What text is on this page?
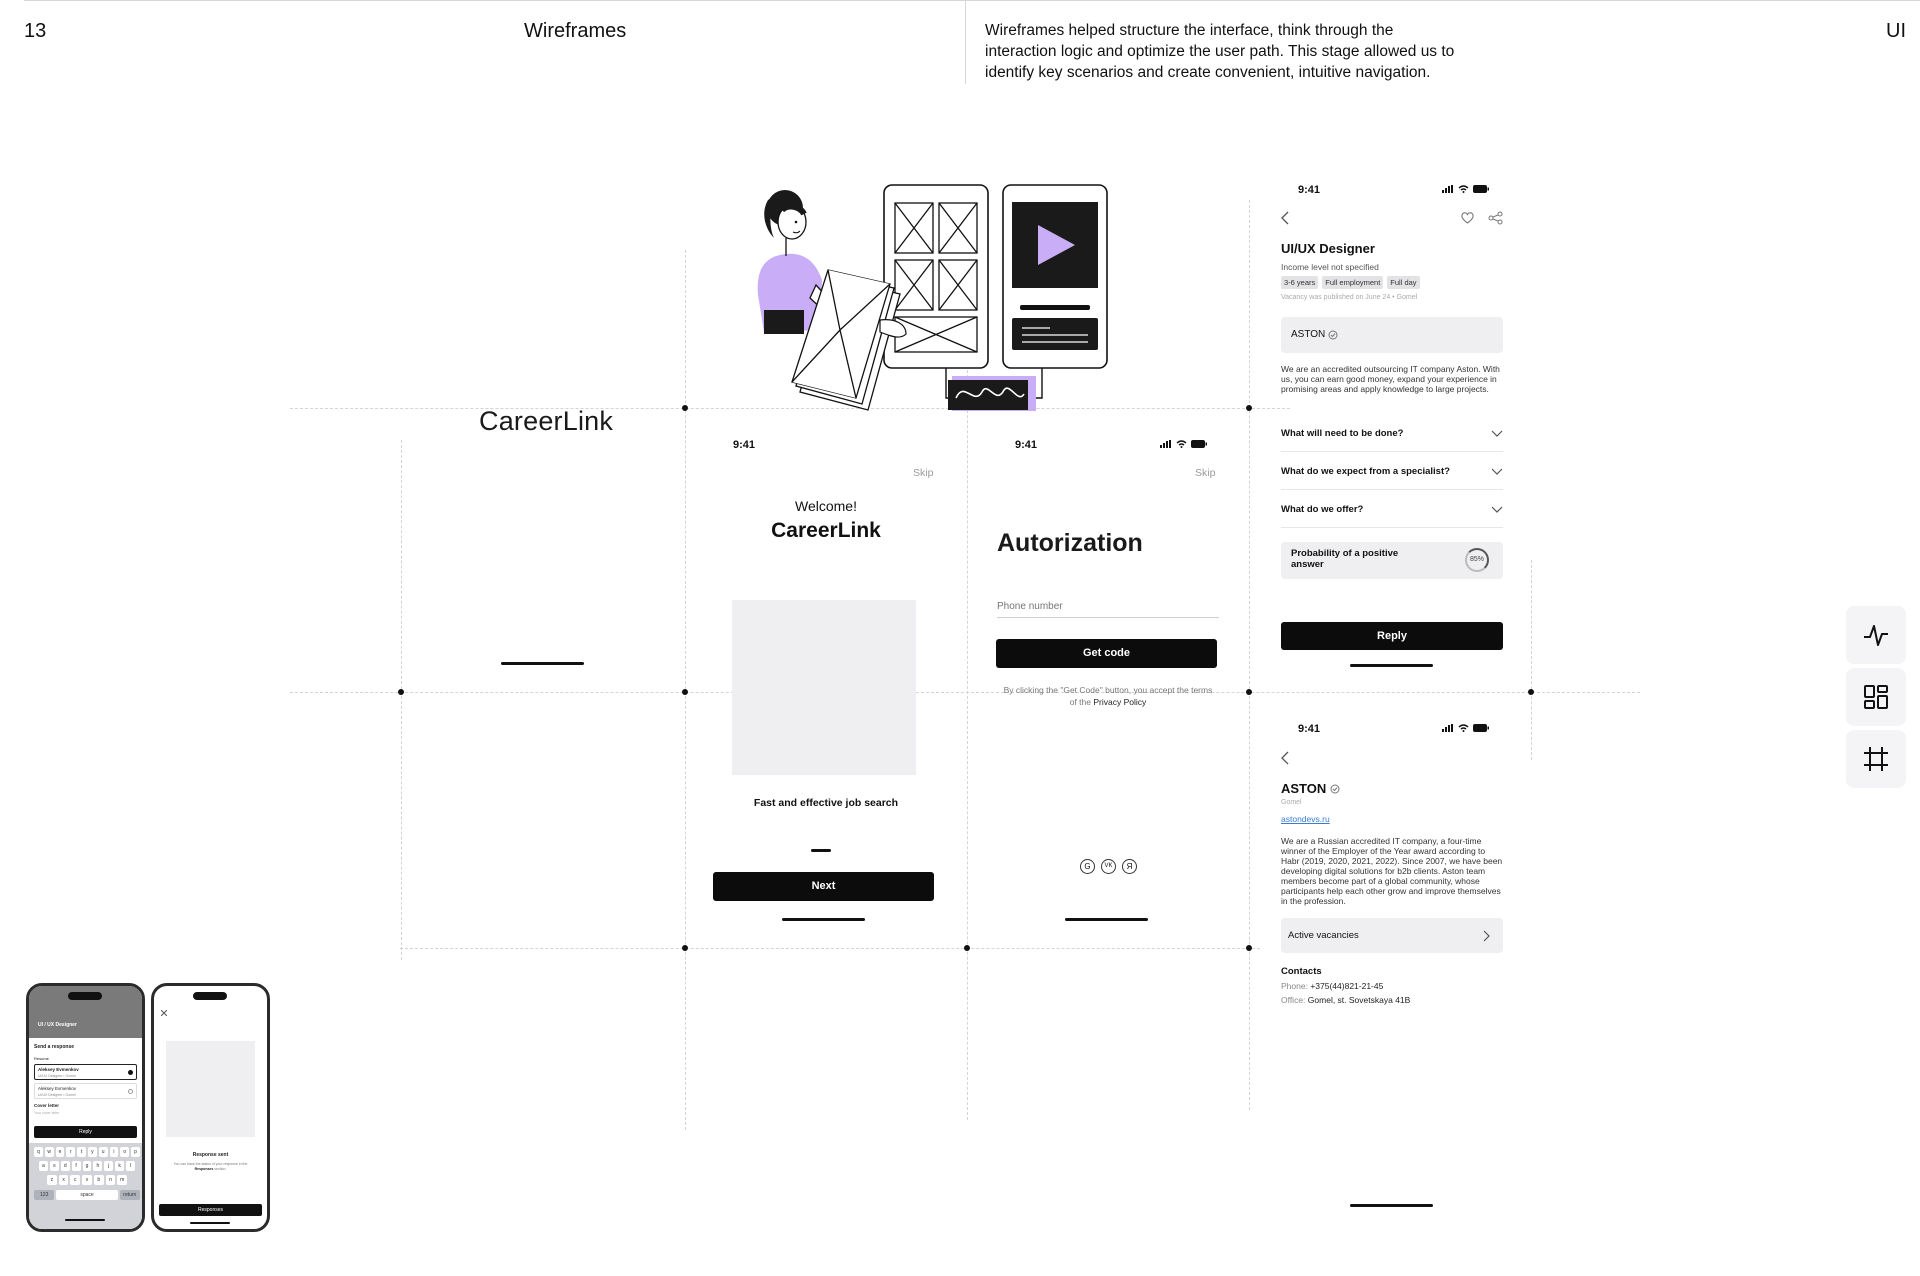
13	Wireframes	Wireframes helped structure the interface, think through the interaction logic and optimize the user path. This stage allowed us to identify key scenarios and create convenient, intuitive navigation.
UI
CareerLink
9:41
Skip
Welcome!
CareerLink
Fast and effective job search
Next
9:41
Skip
Autorization
Phone number
Get code
By clicking the "Get Code" button, you accept the terms of the Privacy Policy
G	VK	Я
9:41
UI/UX Designer
Income level not specified
3-6 years	Full employment	Full day
Vacancy was published on June 24 • Gomel
ASTON
We are an accredited outsourcing IT company Aston. With us, you can earn good money, expand your experience in promising areas and apply knowledge to large projects.
What will need to be done?
What do we expect from a specialist?
What do we offer?
Probability of a positive answer	85%
Reply
9:41
ASTON
Gomel
astondevs.ru
We are a Russian accredited IT company, a four-time winner of the Employer of the Year award according to Habr (2019, 2020, 2021, 2022). Since 2007, we have been developing digital solutions for b2b clients. Aston team members become part of a global community, whose participants help each other grow and improve themselves in the profession.
Active vacancies
Contacts
Phone: +375(44)821-21-45
Office: Gomel, st. Sovetskaya 41B
UI / UX Designer
Send a response
Resume
Aleksey Evmenkov
UI/UX Designer • Gomel
Aleksey Evmenkov
UI/UX Designer • Gomel
Cover letter
Your cover letter
Reply
q	w	e	r	t	y	u	i	o	p
a	s	d	f	g	h	j	k	l
z	x	c	v	b	n	m
123	space	return
Response sent
You can track the status of your response in the Responses section.
Responses
